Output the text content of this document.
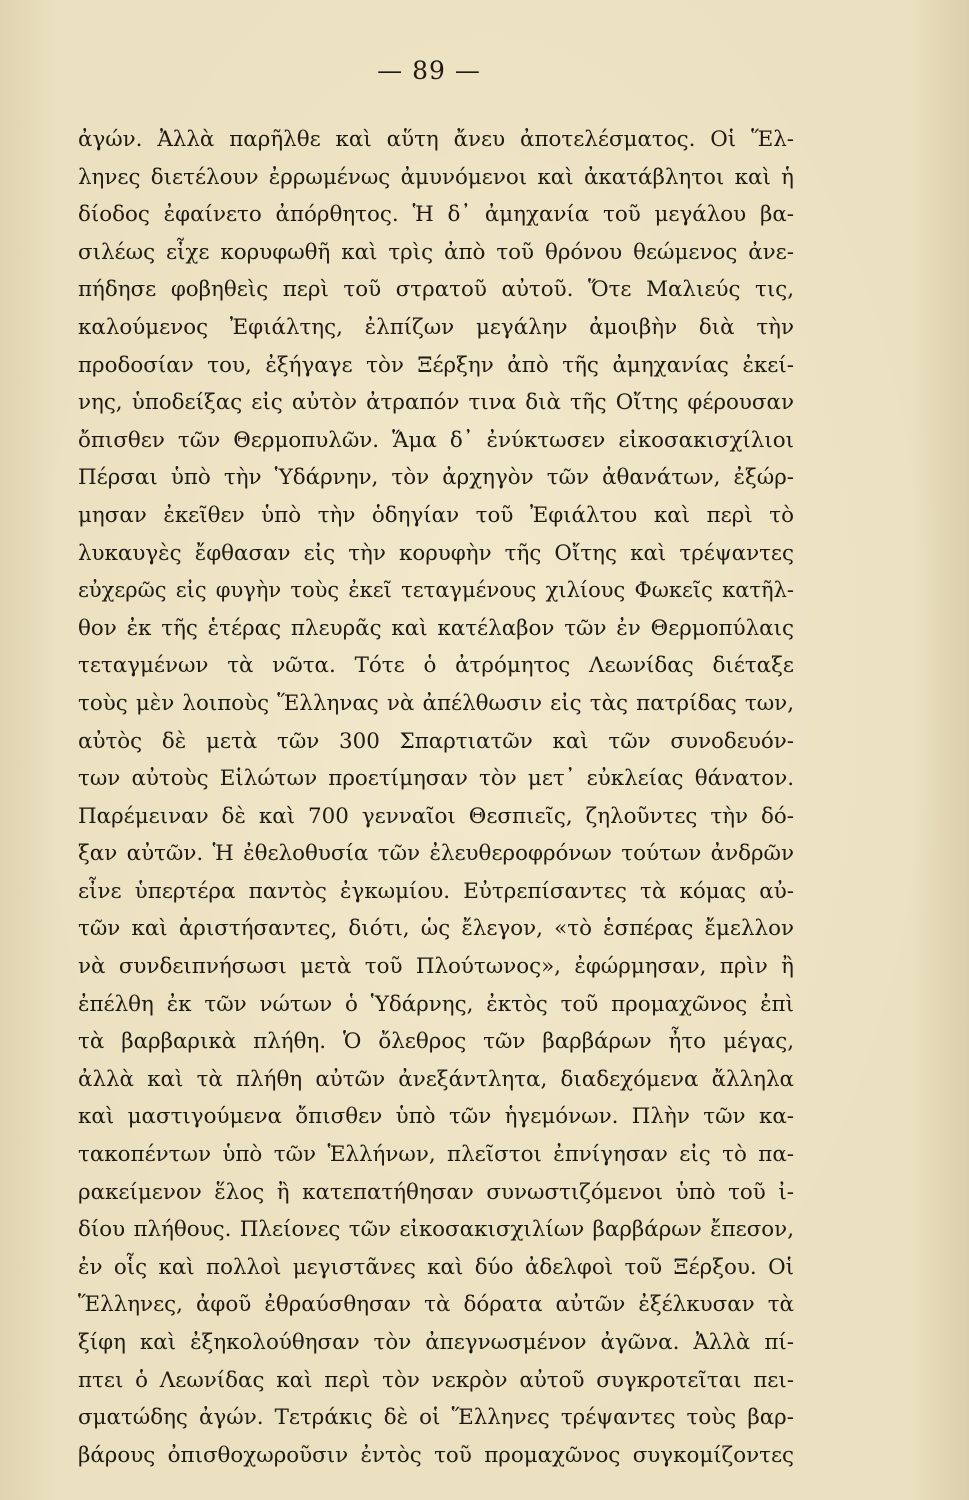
— 89 —
ἀγών. Ἀλλὰ παρῆλθε καὶ αὕτη ἄνευ ἀποτελέσματος. Οἱ Ἕλ-
ληνες διετέλουν ἐρρωμένως ἀμυνόμενοι καὶ ἀκατάβλητοι καὶ ἡ
δίοδος ἐφαίνετο ἀπόρθητος. Ἡ δ᾽ ἀμηχανία τοῦ μεγάλου βα-
σιλέως εἶχε κορυφωθῆ καὶ τρὶς ἀπὸ τοῦ θρόνου θεώμενος ἀνε-
πήδησε φοβηθεὶς περὶ τοῦ στρατοῦ αὐτοῦ. Ὅτε Μαλιεύς τις,
καλούμενος Ἐφιάλτης, ἐλπίζων μεγάλην ἀμοιβὴν διὰ τὴν
προδοσίαν του, ἐξήγαγε τὸν Ξέρξην ἀπὸ τῆς ἀμηχανίας ἐκεί-
νης, ὑποδείξας εἰς αὐτὸν ἀτραπόν τινα διὰ τῆς Οἴτης φέρουσαν
ὄπισθεν τῶν Θερμοπυλῶν. Ἅμα δ᾽ ἐνύκτωσεν εἰκοσακισχίλιοι
Πέρσαι ὑπὸ τὴν Ὑδάρνην, τὸν ἀρχηγὸν τῶν ἀθανάτων, ἐξώρ-
μησαν ἐκεῖθεν ὑπὸ τὴν ὁδηγίαν τοῦ Ἐφιάλτου καὶ περὶ τὸ
λυκαυγὲς ἔφθασαν εἰς τὴν κορυφὴν τῆς Οἴτης καὶ τρέψαντες
εὐχερῶς εἰς φυγὴν τοὺς ἐκεῖ τεταγμένους χιλίους Φωκεῖς κατῆλ-
θον ἐκ τῆς ἑτέρας πλευρᾶς καὶ κατέλαβον τῶν ἐν Θερμοπύλαις
τεταγμένων τὰ νῶτα. Τότε ὁ ἀτρόμητος Λεωνίδας διέταξε
τοὺς μὲν λοιποὺς Ἕλληνας νὰ ἀπέλθωσιν εἰς τὰς πατρίδας των,
αὐτὸς δὲ μετὰ τῶν 300 Σπαρτιατῶν καὶ τῶν συνοδευόν-
των αὐτοὺς Εἱλώτων προετίμησαν τὸν μετ᾽ εὐκλείας θάνατον.
Παρέμειναν δὲ καὶ 700 γενναῖοι Θεσπιεῖς, ζηλοῦντες τὴν δό-
ξαν αὐτῶν. Ἡ ἐθελοθυσία τῶν ἐλευθεροφρόνων τούτων ἀνδρῶν
εἶνε ὑπερτέρα παντὸς ἐγκωμίου. Εὐτρεπίσαντες τὰ κόμας αὐ-
τῶν καὶ ἀριστήσαντες, διότι, ὡς ἔλεγον, «τὸ ἑσπέρας ἔμελλον
νὰ συνδειπνήσωσι μετὰ τοῦ Πλούτωνος», ἐφώρμησαν, πρὶν ἢ
ἐπέλθη ἐκ τῶν νώτων ὁ Ὑδάρνης, ἐκτὸς τοῦ προμαχῶνος ἐπὶ
τὰ βαρβαρικὰ πλήθη. Ὁ ὄλεθρος τῶν βαρβάρων ἦτο μέγας,
ἀλλὰ καὶ τὰ πλήθη αὐτῶν ἀνεξάντλητα, διαδεχόμενα ἄλληλα
καὶ μαστιγούμενα ὄπισθεν ὑπὸ τῶν ἡγεμόνων. Πλὴν τῶν κα-
τακοπέντων ὑπὸ τῶν Ἑλλήνων, πλεῖστοι ἐπνίγησαν εἰς τὸ πα-
ρακείμενον ἕλος ἢ κατεπατήθησαν συνωστιζόμενοι ὑπὸ τοῦ ἰ-
δίου πλήθους. Πλείονες τῶν εἰκοσακισχιλίων βαρβάρων ἔπεσον,
ἐν οἷς καὶ πολλοὶ μεγιστᾶνες καὶ δύο ἀδελφοὶ τοῦ Ξέρξου. Οἱ
Ἕλληνες, ἀφοῦ ἐθραύσθησαν τὰ δόρατα αὐτῶν ἐξέλκυσαν τὰ
ξίφη καὶ ἐξηκολούθησαν τὸν ἀπεγνωσμένον ἀγῶνα. Ἀλλὰ πί-
πτει ὁ Λεωνίδας καὶ περὶ τὸν νεκρὸν αὐτοῦ συγκροτεῖται πει-
σματώδης ἀγών. Τετράκις δὲ οἱ Ἕλληνες τρέψαντες τοὺς βαρ-
βάρους ὀπισθοχωροῦσιν ἐντὸς τοῦ προμαχῶνος συγκομίζοντες
